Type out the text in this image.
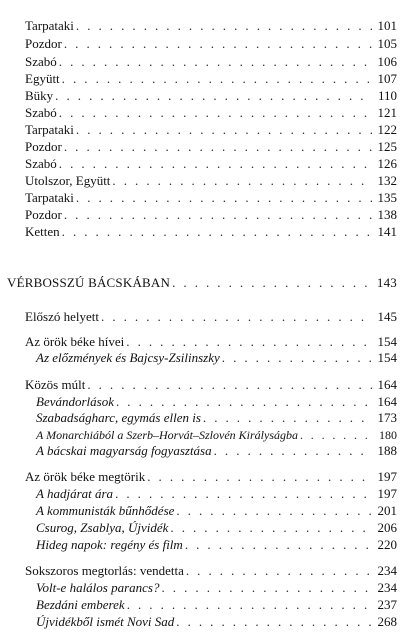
Tarpataki . . .	101
Pozdor . . .	105
Szabó . . .	106
Együtt . . .	107
Büky . . .	110
Szabó . . .	121
Tarpataki . . .	122
Pozdor . . .	125
Szabó . . .	126
Utolszor, Együtt . . .	132
Tarpataki . . .	135
Pozdor . . .	138
Ketten . . .	141
VÉRBOSSZÚ BÁCSKÁBAN . . .	143
Előszó helyett . . .	145
Az örök béke hívei . . .	154
Az előzmények és Bajcsy-Zsilinszky . . .	154
Közös múlt . . .	164
Bevándorlások . . .	164
Szabadságharc, egymás ellen is . . .	173
A Monarchiából a Szerb–Horvát–Szlovén Királyságba . . .	180
A bácskai magyarság fogyasztása . . .	188
Az örök béke megtörik . . .	197
A hadjárat ára . . .	197
A kommunisták bűnhődése . . .	201
Csurog, Zsablya, Újvidék . . .	206
Hideg napok: regény és film . . .	220
Sokszoros megtorlás: vendetta . . .	234
Volt-e halálos parancs? . . .	234
Bezdáni emberek . . .	237
Újvidékből ismét Novi Sad . . .	268
